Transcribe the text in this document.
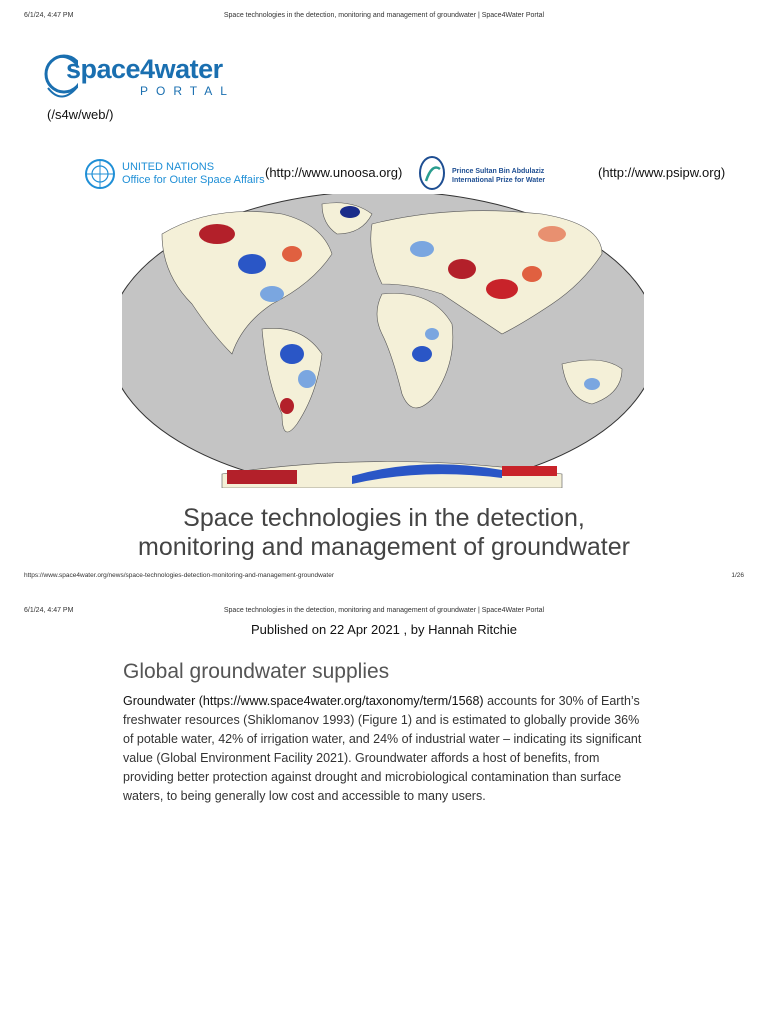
6/1/24, 4:47 PM	Space technologies in the detection, monitoring and management of groundwater | Space4Water Portal
space4water
PORTAL
(/s4w/web/)
UNITED NATIONS
Office for Outer Space Affairs (http://www.unoosa.org)	Prince Sultan Bin Abdulaziz
International Prize for Water
(http://www.psipw.org)
Space technologies in the detection,
monitoring and management of groundwater
https://www.space4water.org/news/space-technologies-detection-monitoring-and-management-groundwater	1/26
6/1/24, 4:47 PM	Space technologies in the detection, monitoring and management of groundwater | Space4Water Portal
Published on 22 Apr 2021 , by Hannah Ritchie
Global groundwater supplies

Groundwater (https://www.space4water.org/taxonomy/term/1568) accounts for 30% of Earth’s freshwater resources (Shiklomanov 1993) (Figure 1) and is estimated to globally provide 36% of potable water, 42% of irrigation water, and 24% of industrial water – indicating its significant value (Global Environment Facility 2021). Groundwater affords a host of benefits, from providing better protection against drought and microbiological contamination than surface waters, to being generally low cost and accessible to many users.
